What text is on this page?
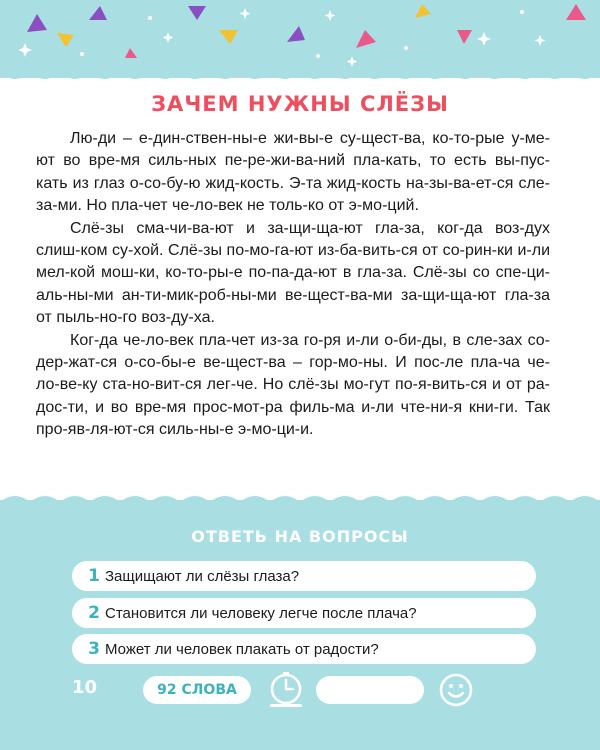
ЗАЧЕМ НУЖНЫ СЛЁЗЫ

Лю-ди – е-дин-ствен-ны-е жи-вы-е су-щест-ва, ко-то-рые у-ме-ют во вре-мя силь-ных пе-ре-жи-ва-ний пла-кать, то есть вы-пус-кать из глаз о-со-бу-ю жид-кость. Э-та жид-кость на-зы-ва-ет-ся сле-за-ми. Но пла-чет че-ло-век не толь-ко от э-мо-ций.

Слё-зы сма-чи-ва-ют и за-щи-ща-ют гла-за, ког-да воз-дух слиш-ком су-хой. Слё-зы по-мо-га-ют из-ба-вить-ся от со-рин-ки и-ли мел-кой мош-ки, ко-то-ры-е по-па-да-ют в гла-за. Слё-зы со спе-ци-аль-ны-ми ан-ти-мик-роб-ны-ми ве-щест-ва-ми за-щи-ща-ют гла-за от пыль-но-го воз-ду-ха.

Ког-да че-ло-век пла-чет из-за го-ря и-ли о-би-ды, в сле-зах со-дер-жат-ся о-со-бы-е ве-щест-ва – гор-мо-ны. И пос-ле пла-ча че-ло-ве-ку ста-но-вит-ся лег-че. Но слё-зы мо-гут по-я-вить-ся и от ра-дос-ти, и во вре-мя прос-мот-ра филь-ма и-ли чте-ни-я кни-ги. Так про-яв-ля-ют-ся силь-ны-е э-мо-ци-и.

ОТВЕТЬ НА ВОПРОСЫ
1 Защищают ли слёзы глаза?
2 Становится ли человеку легче после плача?
3 Может ли человек плакать от радости?
10	92 СЛОВА
